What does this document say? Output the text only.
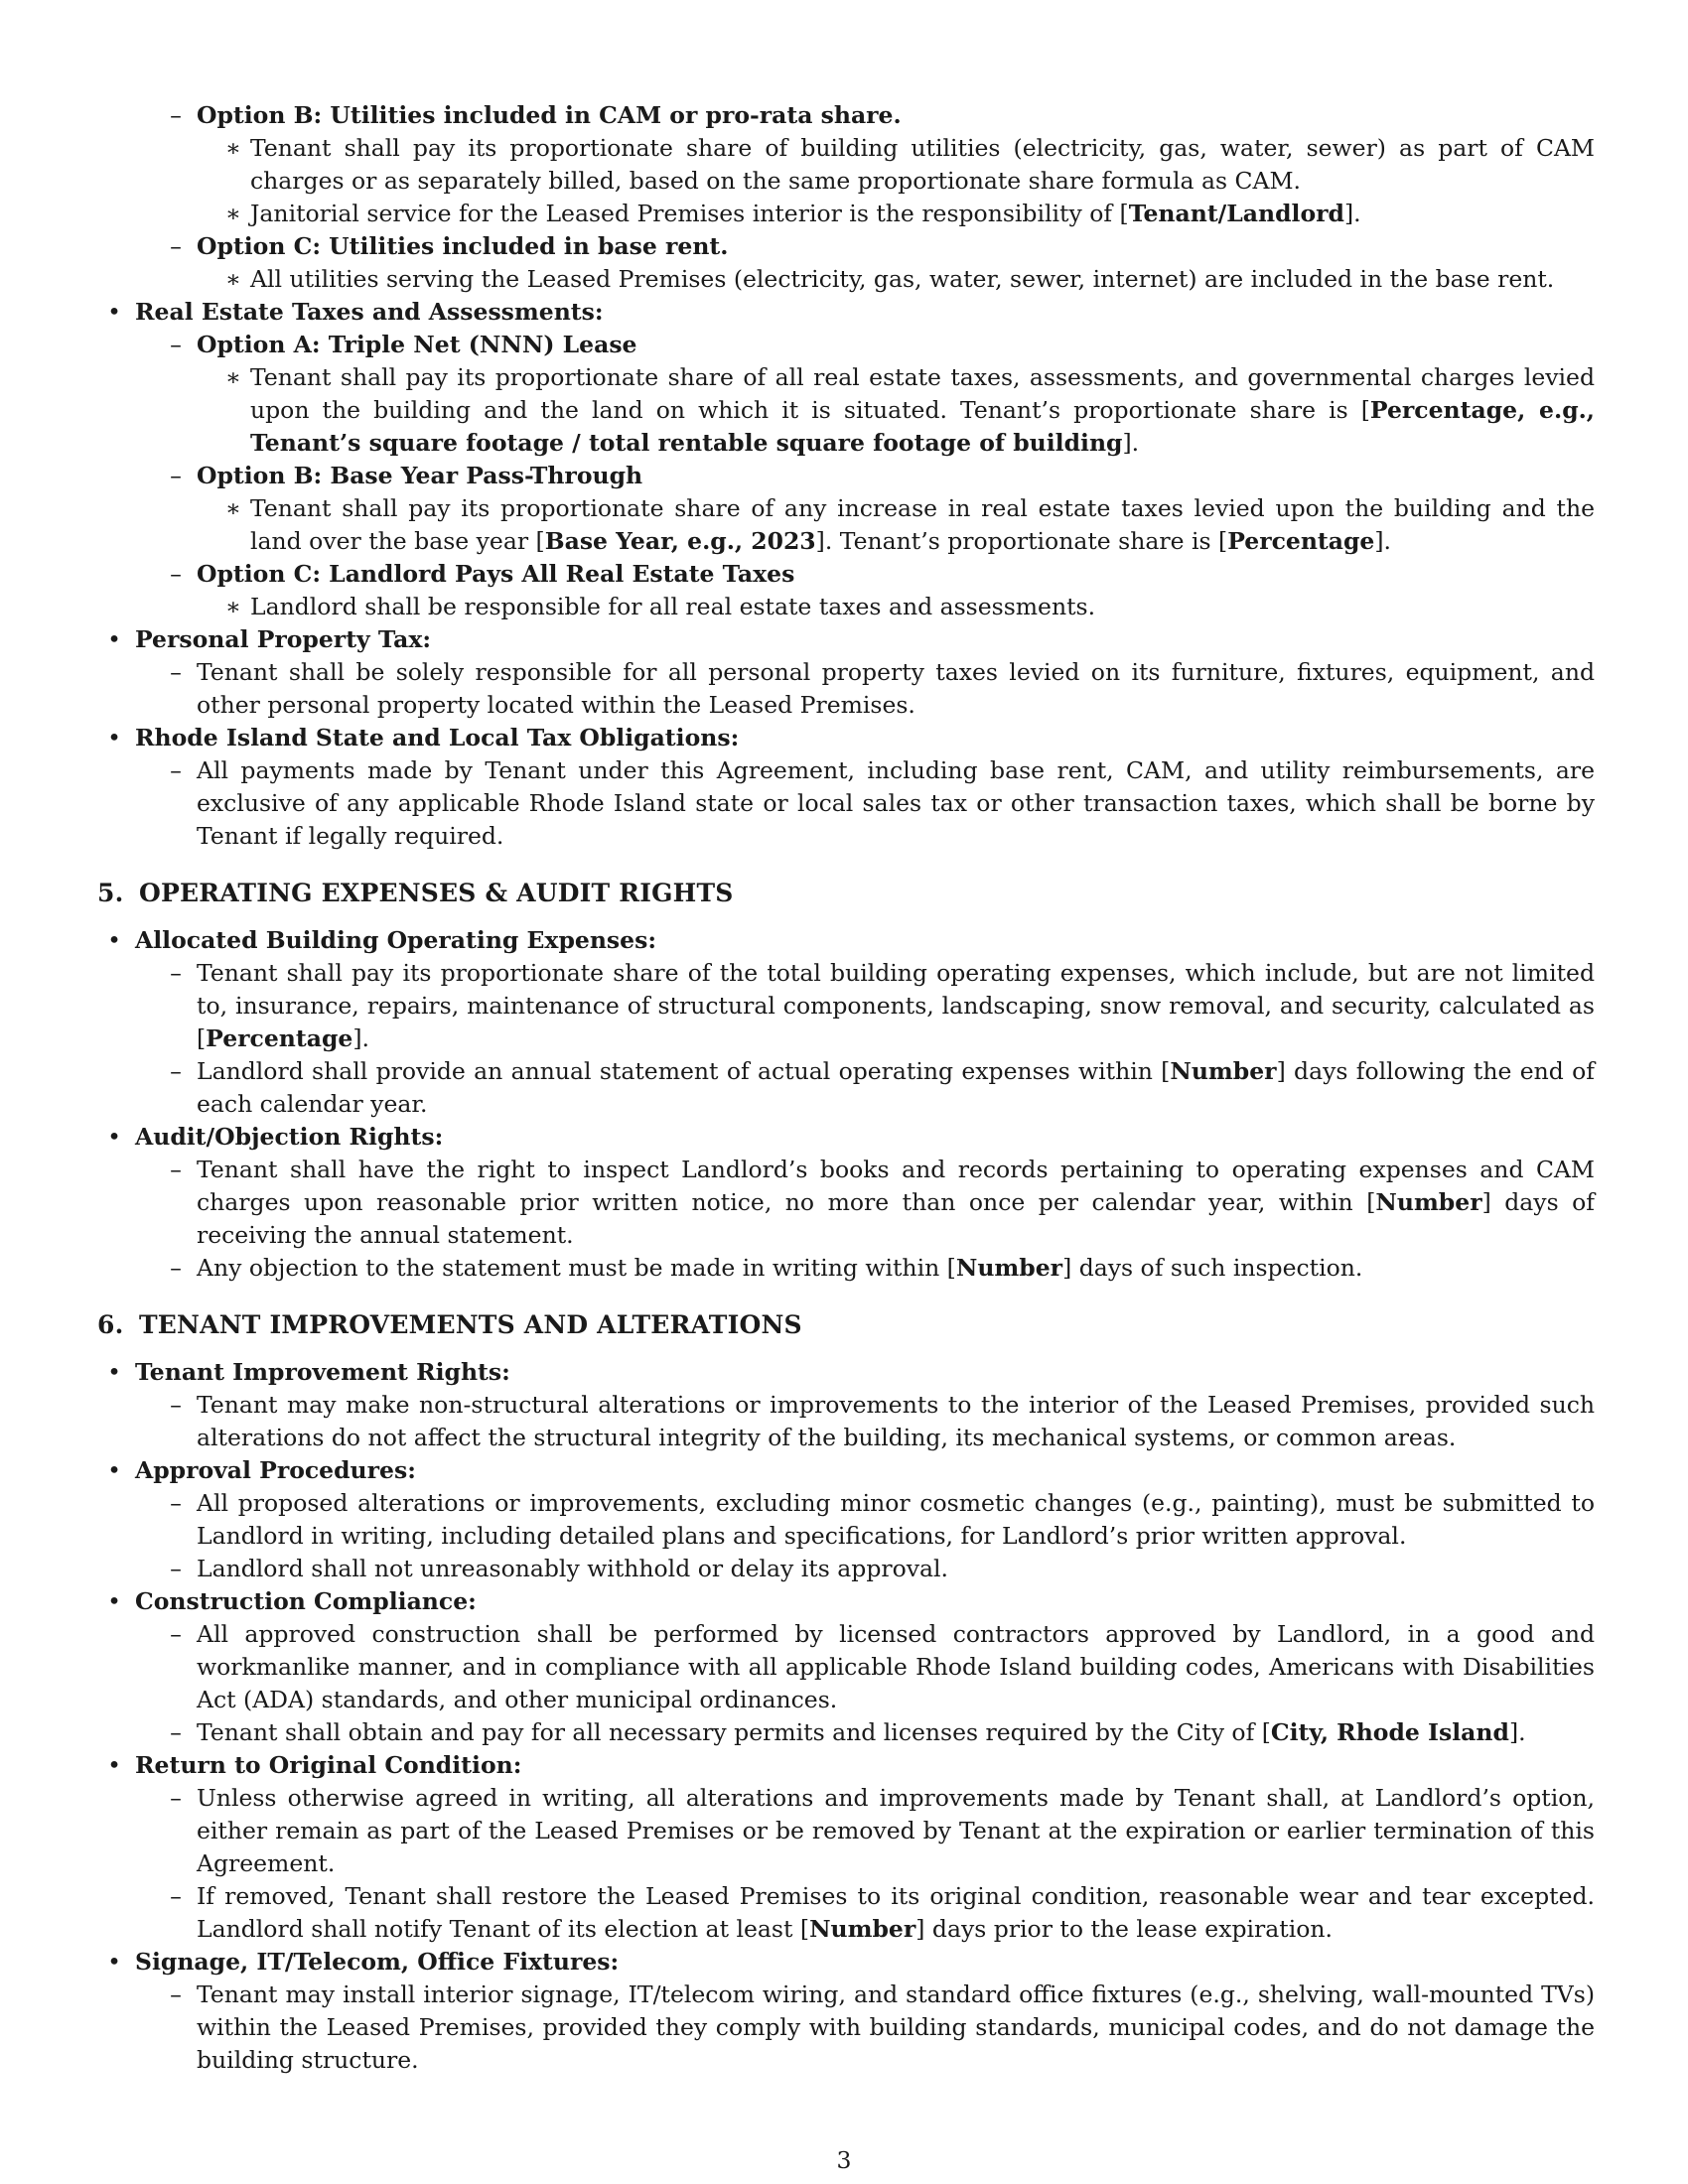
– Option B: Utilities included in CAM or pro-rata share.
∗ Tenant shall pay its proportionate share of building utilities (electricity, gas, water, sewer) as part of CAM charges or as separately billed, based on the same proportionate share formula as CAM.
∗ Janitorial service for the Leased Premises interior is the responsibility of [Tenant/Landlord].
– Option C: Utilities included in base rent.
∗ All utilities serving the Leased Premises (electricity, gas, water, sewer, internet) are included in the base rent.
• Real Estate Taxes and Assessments:
– Option A: Triple Net (NNN) Lease
∗ Tenant shall pay its proportionate share of all real estate taxes, assessments, and governmental charges levied upon the building and the land on which it is situated. Tenant’s proportionate share is [Percentage, e.g., Tenant’s square footage / total rentable square footage of building].
– Option B: Base Year Pass-Through
∗ Tenant shall pay its proportionate share of any increase in real estate taxes levied upon the building and the land over the base year [Base Year, e.g., 2023]. Tenant’s proportionate share is [Percentage].
– Option C: Landlord Pays All Real Estate Taxes
∗ Landlord shall be responsible for all real estate taxes and assessments.
• Personal Property Tax:
– Tenant shall be solely responsible for all personal property taxes levied on its furniture, fixtures, equipment, and other personal property located within the Leased Premises.
• Rhode Island State and Local Tax Obligations:
– All payments made by Tenant under this Agreement, including base rent, CAM, and utility reimbursements, are exclusive of any applicable Rhode Island state or local sales tax or other transaction taxes, which shall be borne by Tenant if legally required.
5. OPERATING EXPENSES & AUDIT RIGHTS
• Allocated Building Operating Expenses:
– Tenant shall pay its proportionate share of the total building operating expenses, which include, but are not limited to, insurance, repairs, maintenance of structural components, landscaping, snow removal, and security, calculated as [Percentage].
– Landlord shall provide an annual statement of actual operating expenses within [Number] days following the end of each calendar year.
• Audit/Objection Rights:
– Tenant shall have the right to inspect Landlord’s books and records pertaining to operating expenses and CAM charges upon reasonable prior written notice, no more than once per calendar year, within [Number] days of receiving the annual statement.
– Any objection to the statement must be made in writing within [Number] days of such inspection.
6. TENANT IMPROVEMENTS AND ALTERATIONS
• Tenant Improvement Rights:
– Tenant may make non-structural alterations or improvements to the interior of the Leased Premises, provided such alterations do not affect the structural integrity of the building, its mechanical systems, or common areas.
• Approval Procedures:
– All proposed alterations or improvements, excluding minor cosmetic changes (e.g., painting), must be submitted to Landlord in writing, including detailed plans and specifications, for Landlord’s prior written approval.
– Landlord shall not unreasonably withhold or delay its approval.
• Construction Compliance:
– All approved construction shall be performed by licensed contractors approved by Landlord, in a good and workmanlike manner, and in compliance with all applicable Rhode Island building codes, Americans with Disabilities Act (ADA) standards, and other municipal ordinances.
– Tenant shall obtain and pay for all necessary permits and licenses required by the City of [City, Rhode Island].
• Return to Original Condition:
– Unless otherwise agreed in writing, all alterations and improvements made by Tenant shall, at Landlord’s option, either remain as part of the Leased Premises or be removed by Tenant at the expiration or earlier termination of this Agreement.
– If removed, Tenant shall restore the Leased Premises to its original condition, reasonable wear and tear excepted. Landlord shall notify Tenant of its election at least [Number] days prior to the lease expiration.
• Signage, IT/Telecom, Office Fixtures:
– Tenant may install interior signage, IT/telecom wiring, and standard office fixtures (e.g., shelving, wall-mounted TVs) within the Leased Premises, provided they comply with building standards, municipal codes, and do not damage the building structure.
3
